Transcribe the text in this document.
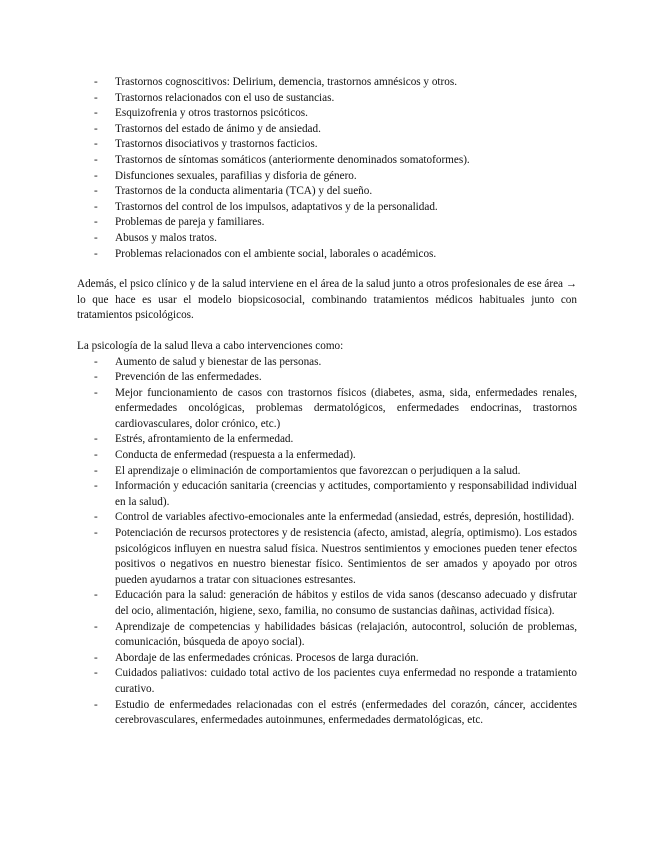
- Trastornos cognoscitivos: Delirium, demencia, trastornos amnésicos y otros.
- Trastornos relacionados con el uso de sustancias.
- Esquizofrenia y otros trastornos psicóticos.
- Trastornos del estado de ánimo y de ansiedad.
- Trastornos disociativos y trastornos facticios.
- Trastornos de síntomas somáticos (anteriormente denominados somatoformes).
- Disfunciones sexuales, parafilias y disforia de género.
- Trastornos de la conducta alimentaria (TCA) y del sueño.
- Trastornos del control de los impulsos, adaptativos y de la personalidad.
- Problemas de pareja y familiares.
- Abusos y malos tratos.
- Problemas relacionados con el ambiente social, laborales o académicos.

Además, el psico clínico y de la salud interviene en el área de la salud junto a otros profesionales de ese área → lo que hace es usar el modelo biopsicosocial, combinando tratamientos médicos habituales junto con tratamientos psicológicos.

La psicología de la salud lleva a cabo intervenciones como:

- Aumento de salud y bienestar de las personas.
- Prevención de las enfermedades.
- Mejor funcionamiento de casos con trastornos físicos (diabetes, asma, sida, enfermedades renales, enfermedades oncológicas, problemas dermatológicos, enfermedades endocrinas, trastornos cardiovasculares, dolor crónico, etc.)
- Estrés, afrontamiento de la enfermedad.
- Conducta de enfermedad (respuesta a la enfermedad).
- El aprendizaje o eliminación de comportamientos que favorezcan o perjudiquen a la salud.
- Información y educación sanitaria (creencias y actitudes, comportamiento y responsabilidad individual en la salud).
- Control de variables afectivo-emocionales ante la enfermedad (ansiedad, estrés, depresión, hostilidad).
- Potenciación de recursos protectores y de resistencia (afecto, amistad, alegría, optimismo). Los estados psicológicos influyen en nuestra salud física. Nuestros sentimientos y emociones pueden tener efectos positivos o negativos en nuestro bienestar físico. Sentimientos de ser amados y apoyado por otros pueden ayudarnos a tratar con situaciones estresantes.
- Educación para la salud: generación de hábitos y estilos de vida sanos (descanso adecuado y disfrutar del ocio, alimentación, higiene, sexo, familia, no consumo de sustancias dañinas, actividad física).
- Aprendizaje de competencias y habilidades básicas (relajación, autocontrol, solución de problemas, comunicación, búsqueda de apoyo social).
- Abordaje de las enfermedades crónicas. Procesos de larga duración.
- Cuidados paliativos: cuidado total activo de los pacientes cuya enfermedad no responde a tratamiento curativo.
- Estudio de enfermedades relacionadas con el estrés (enfermedades del corazón, cáncer, accidentes cerebrovasculares, enfermedades autoinmunes, enfermedades dermatológicas, etc.
